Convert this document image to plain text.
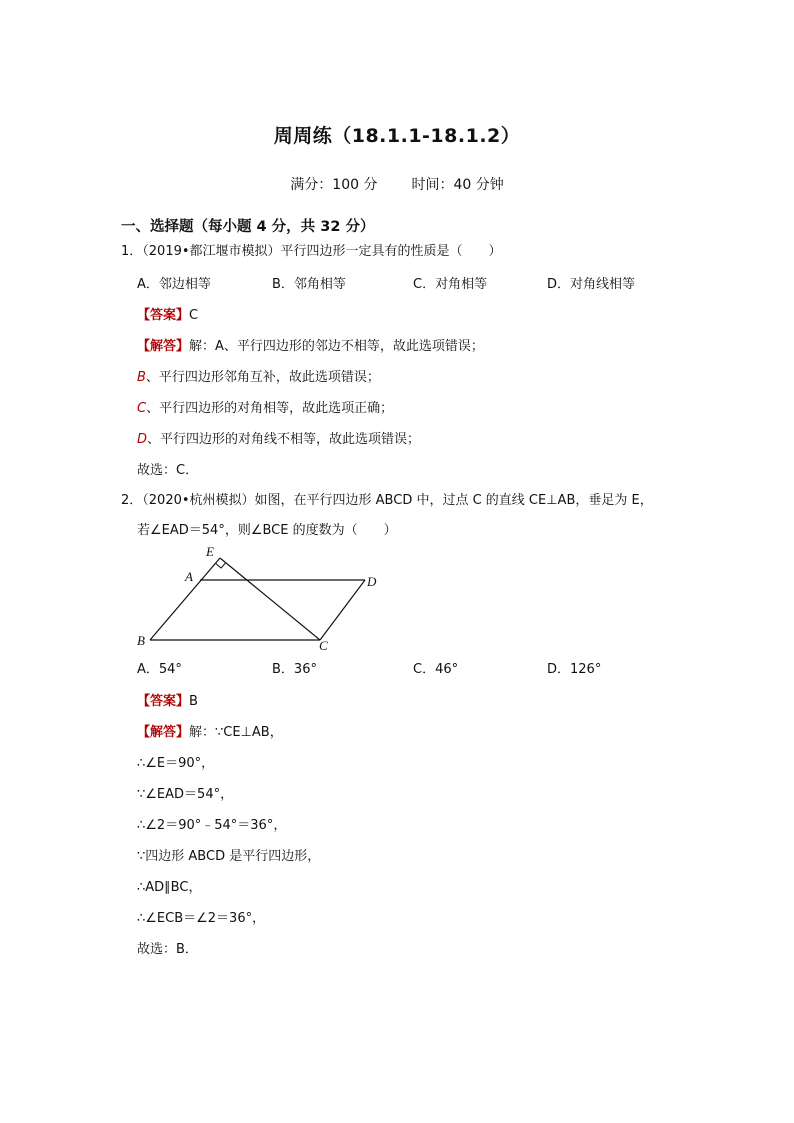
周周练（18.1.1-18.1.2）
满分：100 分 时间：40 分钟
一、选择题（每小题 4 分，共 32 分）
1．（2019•都江堰市模拟）平行四边形一定具有的性质是（　　）
A．邻边相等	B．邻角相等	C．对角相等	D．对角线相等
【答案】C
【解答】解：A、平行四边形的邻边不相等，故此选项错误；
B、平行四边形邻角互补，故此选项错误；
C、平行四边形的对角相等，故此选项正确；
D、平行四边形的对角线不相等，故此选项错误；
故选：C．
2．（2020•杭州模拟）如图，在平行四边形 ABCD 中，过点 C 的直线 CE⊥AB，垂足为 E，
若∠EAD＝54°，则∠BCE 的度数为（　　）
E
A	D
B	C
A．54°	B．36°	C．46°	D．126°
【答案】B
【解答】解：∵CE⊥AB，
∴∠E＝90°，
∵∠EAD＝54°，
∴∠2＝90°﹣54°＝36°，
∵四边形 ABCD 是平行四边形，
∴AD∥BC，
∴∠ECB＝∠2＝36°，
故选：B．
